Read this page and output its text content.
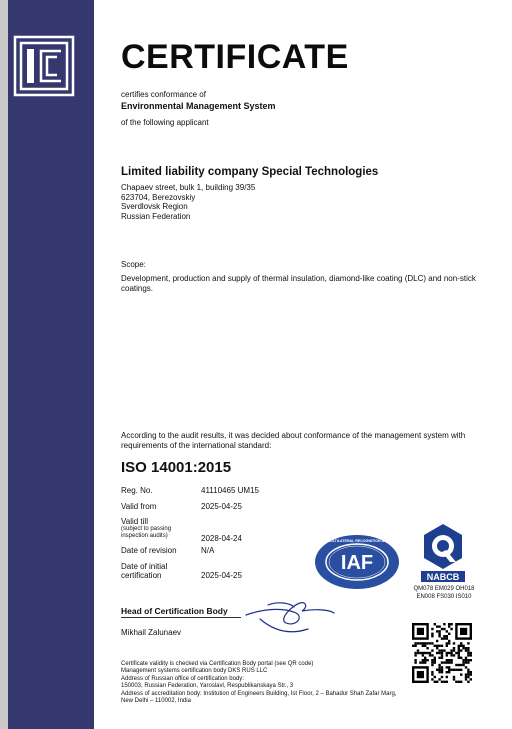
CERTIFICATE
certifies conformance of
Environmental Management System
of the following applicant
Limited liability company Special Technologies
Chapaev street, bulk 1, building 39/35
623704, Berezovskiy
Sverdlovsk Region
Russian Federation
Scope:
Development, production and supply of thermal insulation, diamond-like coating (DLC) and non-stick coatings.
According to the audit results, it was decided about conformance of the management system with requirements of the international standard:
ISO 14001:2015
Reg. No.	41110465 UM15
Valid from	2025-04-25
Valid till
(subject to passing
inspection audits)	2028-04-24
Date of revision	N/A
Date of initial
certification	2025-04-25
IAF
MEMBER OF MULTILATERAL RECOGNITION ARRANGEMENT
NABCB
QM078 EM029 OH018
EN008 FS030 IS010
Head of Certification Body
Mikhail Zalunaev
Certificate validity is checked via Certification Body portal (see QR code)
Management systems certification body DKS RUS LLC
Address of Russian office of certification body:
150003, Russian Federation, Yaroslavl, Respublikanskaya Str., 3
Address of accreditation body: Institution of Engineers Building, Ist Floor, 2 – Bahadur Shah Zafar Marg,
New Delhi – 110002, India
